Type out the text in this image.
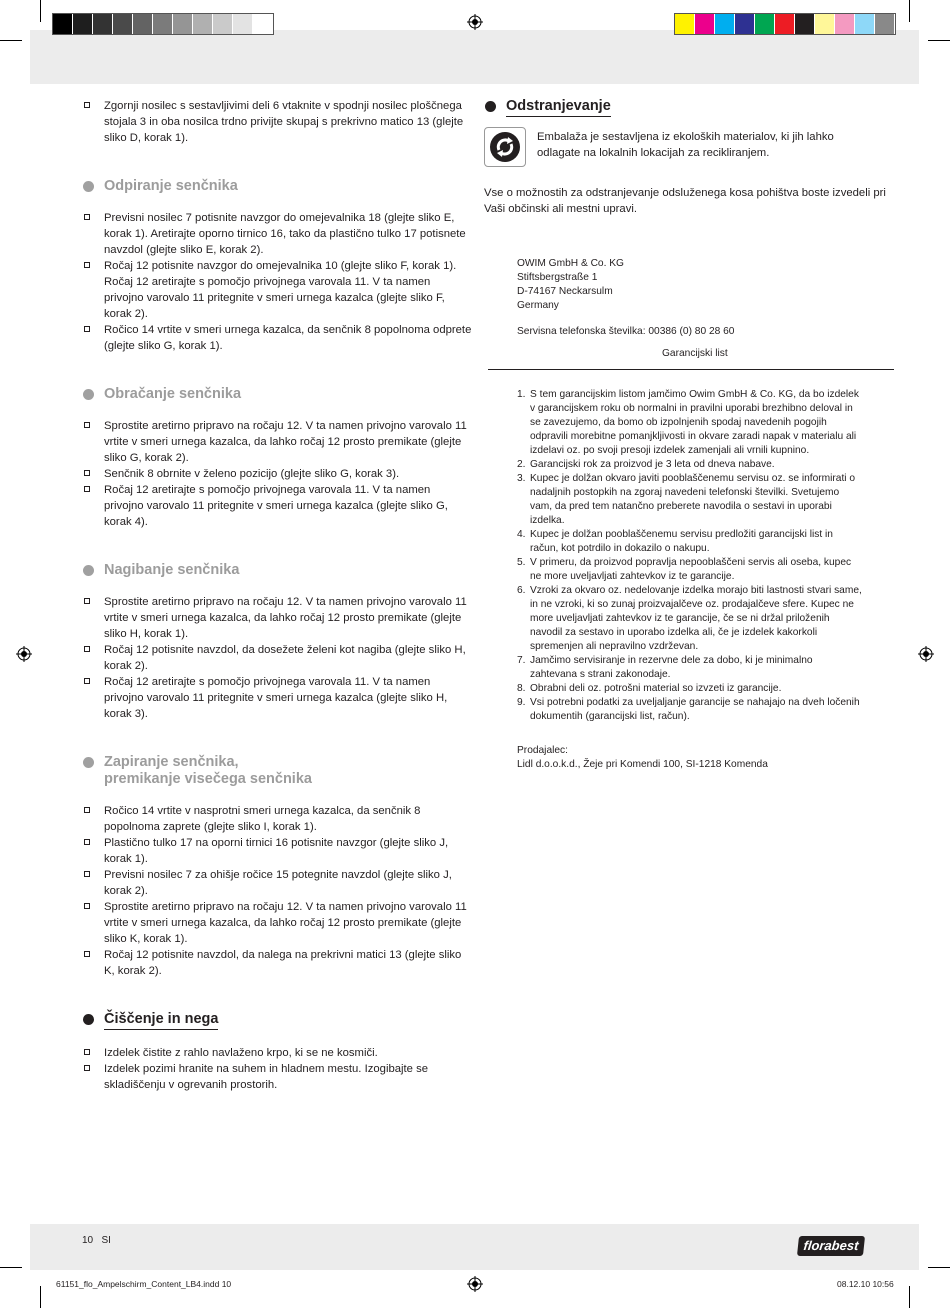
Zgornji nosilec s sestavljivimi deli 6 vtaknite v spodnji nosilec ploščnega stojala 3 in oba nosilca trdno privijte skupaj s prekrivno matico 13 (glejte sliko D, korak 1).
Odpiranje senčnika
Previsni nosilec 7 potisnite navzgor do omejevalnika 18 (glejte sliko E, korak 1). Aretirajte oporno tirnico 16, tako da plastično tulko 17 potisnete navzdol (glejte sliko E, korak 2).
Ročaj 12 potisnite navzgor do omejevalnika 10 (glejte sliko F, korak 1). Ročaj 12 aretirajte s pomočjo privojnega varovala 11. V ta namen privojno varovalo 11 pritegnite v smeri urnega kazalca (glejte sliko F, korak 2).
Ročico 14 vrtite v smeri urnega kazalca, da senčnik 8 popolnoma odprete (glejte sliko G, korak 1).
Obračanje senčnika
Sprostite aretirno pripravo na ročaju 12. V ta namen privojno varovalo 11 vrtite v smeri urnega kazalca, da lahko ročaj 12 prosto premikate (glejte sliko G, korak 2).
Senčnik 8 obrnite v želeno pozicijo (glejte sliko G, korak 3).
Ročaj 12 aretirajte s pomočjo privojnega varovala 11. V ta namen privojno varovalo 11 pritegnite v smeri urnega kazalca (glejte sliko G, korak 4).
Nagibanje senčnika
Sprostite aretirno pripravo na ročaju 12. V ta namen privojno varovalo 11 vrtite v smeri urnega kazalca, da lahko ročaj 12 prosto premikate (glejte sliko H, korak 1).
Ročaj 12 potisnite navzdol, da dosežete želeni kot nagiba (glejte sliko H, korak 2).
Ročaj 12 aretirajte s pomočjo privojnega varovala 11. V ta namen privojno varovalo 11 pritegnite v smeri urnega kazalca (glejte sliko H, korak 3).
Zapiranje senčnika,
premikanje visečega senčnika
Ročico 14 vrtite v nasprotni smeri urnega kazalca, da senčnik 8 popolnoma zaprete (glejte sliko I, korak 1).
Plastično tulko 17 na oporni tirnici 16 potisnite navzgor (glejte sliko J, korak 1).
Previsni nosilec 7 za ohišje ročice 15 potegnite navzdol (glejte sliko J, korak 2).
Sprostite aretirno pripravo na ročaju 12. V ta namen privojno varovalo 11 vrtite v smeri urnega kazalca, da lahko ročaj 12 prosto premikate (glejte sliko K, korak 1).
Ročaj 12 potisnite navzdol, da nalega na prekrivni matici 13 (glejte sliko K, korak 2).
Čiščenje in nega
Izdelek čistite z rahlo navlaženo krpo, ki se ne kosmiči.
Izdelek pozimi hranite na suhem in hladnem mestu. Izogibajte se skladiščenju v ogrevanih prostorih.
Odstranjevanje
Embalaža je sestavljena iz ekoloških materialov, ki jih lahko odlagate na lokalnih lokacijah za recikliranjem.
Vse o možnostih za odstranjevanje odsluženega kosa pohištva boste izvedeli pri Vaši občinski ali mestni upravi.
OWIM GmbH & Co. KG
Stiftsbergstraße 1
D-74167 Neckarsulm
Germany
Servisna telefonska številka: 00386 (0) 80 28 60
Garancijski list
1. S tem garancijskim listom jamčimo Owim GmbH & Co. KG, da bo izdelek v garancijskem roku ob normalni in pravilni uporabi brezhibno deloval in se zavezujemo, da bomo ob izpolnjenih spodaj navedenih pogojih odpravili morebitne pomanjkljivosti in okvare zaradi napak v materialu ali izdelavi oz. po svoji presoji izdelek zamenjali ali vrnili kupnino.
2. Garancijski rok za proizvod je 3 leta od dneva nabave.
3. Kupec je dolžan okvaro javiti pooblaščenemu servisu oz. se informirati o nadaljnih postopkih na zgoraj navedeni telefonski številki. Svetujemo vam, da pred tem natančno preberete navodila o sestavi in uporabi izdelka.
4. Kupec je dolžan pooblaščenemu servisu predložiti garancijski list in račun, kot potrdilo in dokazilo o nakupu.
5. V primeru, da proizvod popravlja nepooblaščeni servis ali oseba, kupec ne more uveljavljati zahtevkov iz te garancije.
6. Vzroki za okvaro oz. nedelovanje izdelka morajo biti lastnosti stvari same, in ne vzroki, ki so zunaj proizvajalčeve oz. prodajalčeve sfere. Kupec ne more uveljavljati zahtevkov iz te garancije, če se ni držal priloženih navodil za sestavo in uporabo izdelka ali, če je izdelek kakorkoli spremenjen ali nepravilno vzdrževan.
7. Jamčimo servisiranje in rezervne dele za dobo, ki je minimalno zahtevana s strani zakonodaje.
8. Obrabni deli oz. potrošni material so izvzeti iz garancije.
9. Vsi potrebni podatki za uveljaljanje garancije se nahajajo na dveh ločenih dokumentih (garancijski list, račun).
Prodajalec:
Lidl d.o.o.k.d., Žeje pri Komendi 100, SI-1218 Komenda
10 SI	florabest
61151_flo_Ampelschirm_Content_LB4.indd 10	08.12.10 10:56
